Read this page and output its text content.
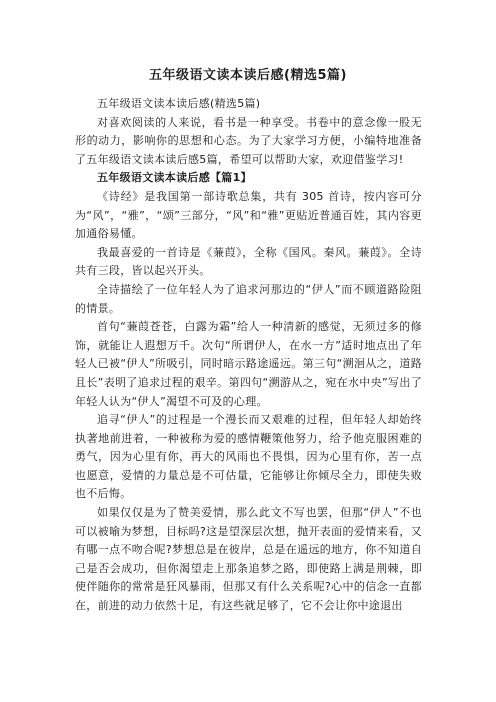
五年级语文读本读后感(精选5篇)

五年级语文读本读后感(精选5篇)

对喜欢阅读的人来说，看书是一种享受。书卷中的意念像一股无形的动力，影响你的思想和心态。为了大家学习方便，小编特地准备了五年级语文读本读后感5篇，希望可以帮助大家，欢迎借鉴学习!

五年级语文读本读后感【篇1】

《诗经》是我国第一部诗歌总集，共有 305 首诗，按内容可分为“风”，“雅”，“颂”三部分，“风”和“雅”更贴近普通百姓，其内容更加通俗易懂。

我最喜爱的一首诗是《蒹葭》，全称《国风。秦风。蒹葭》。全诗共有三段，皆以起兴开头。

全诗描绘了一位年轻人为了追求河那边的“伊人”而不顾道路险阻的情景。

首句“蒹葭苍苍，白露为霜”给人一种清新的感觉，无须过多的修饰，就能让人遐想万千。次句“所谓伊人，在水一方”适时地点出了年轻人已被“伊人”所吸引，同时暗示路途遥远。第三句“溯洄从之，道路且长”表明了追求过程的艰辛。第四句“溯游从之，宛在水中央”写出了年轻人认为“伊人”渴望不可及的心理。

追寻“伊人”的过程是一个漫长而又艰难的过程，但年轻人却始终执著地前进着，一种被称为爱的感情鞭策他努力，给予他克服困难的勇气，因为心里有你，再大的风雨也不畏惧，因为心里有你，苦一点也愿意，爱情的力量总是不可估量，它能够让你倾尽全力，即使失败也不后悔。

如果仅仅是为了赞美爱情，那么此文不写也罢，但那“伊人”不也可以被喻为梦想，目标吗?这是望深层次想，抛开表面的爱情来看，又有哪一点不吻合呢?梦想总是在彼岸，总是在遥远的地方，你不知道自己是否会成功，但你渴望走上那条追梦之路，即使路上满是荆棘，即使伴随你的常常是狂风暴雨，但那又有什么关系呢?心中的信念一直都在，前进的动力依然十足，有这些就足够了，它不会让你中途退出
